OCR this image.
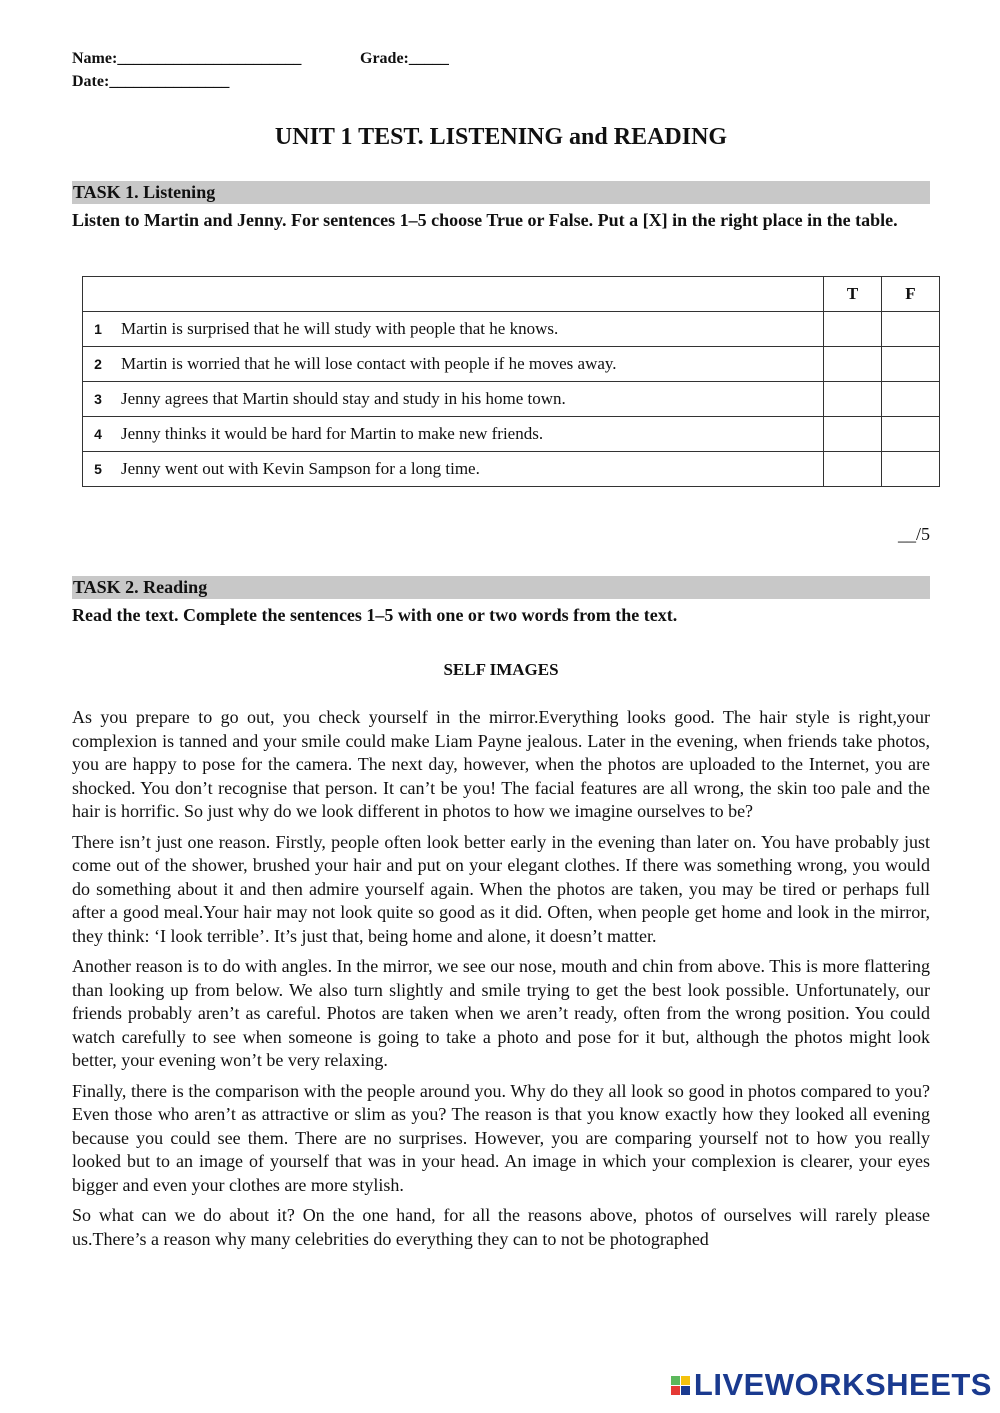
Name:_______________________	Grade:_____
Date:_______________
UNIT 1 TEST. LISTENING and READING
TASK 1. Listening
Listen to Martin and Jenny. For sentences 1–5 choose True or False. Put a [X] in the right place in the table.
		T	F
1	Martin is surprised that he will study with people that he knows.		
2	Martin is worried that he will lose contact with people if he moves away.		
3	Jenny agrees that Martin should stay and study in his home town.		
4	Jenny thinks it would be hard for Martin to make new friends.		
5	Jenny went out with Kevin Sampson for a long time.		
__/5
TASK 2. Reading
Read the text. Complete the sentences 1–5 with one or two words from the text.
SELF IMAGES

As you prepare to go out, you check yourself in the mirror.Everything looks good. The hair style is right,your complexion is tanned and your smile could make Liam Payne jealous. Later in the evening, when friends take photos, you are happy to pose for the camera. The next day, however, when the photos are uploaded to the Internet, you are shocked. You don’t recognise that person. It can’t be you! The facial features are all wrong, the skin too pale and the hair is horrific. So just why do we look different in photos to how we imagine ourselves to be?

There isn’t just one reason. Firstly, people often look better early in the evening than later on. You have probably just come out of the shower, brushed your hair and put on your elegant clothes. If there was something wrong, you would do something about it and then admire yourself again. When the photos are taken, you may be tired or perhaps full after a good meal.Your hair may not look quite so good as it did. Often, when people get home and look in the mirror, they think: ‘I look terrible’. It’s just that, being home and alone, it doesn’t matter.

Another reason is to do with angles. In the mirror, we see our nose, mouth and chin from above. This is more flattering than looking up from below. We also turn slightly and smile trying to get the best look possible. Unfortunately, our friends probably aren’t as careful. Photos are taken when we aren’t ready, often from the wrong position. You could watch carefully to see when someone is going to take a photo and pose for it but, although the photos might look better, your evening won’t be very relaxing.

Finally, there is the comparison with the people around you. Why do they all look so good in photos compared to you? Even those who aren’t as attractive or slim as you? The reason is that you know exactly how they looked all evening because you could see them. There are no surprises. However, you are comparing yourself not to how you really looked but to an image of yourself that was in your head. An image in which your complexion is clearer, your eyes bigger and even your clothes are more stylish.

So what can we do about it? On the one hand, for all the reasons above, photos of ourselves will rarely please us.There’s a reason why many celebrities do everything they can to not be photographed

LIVEWORKSHEETS
